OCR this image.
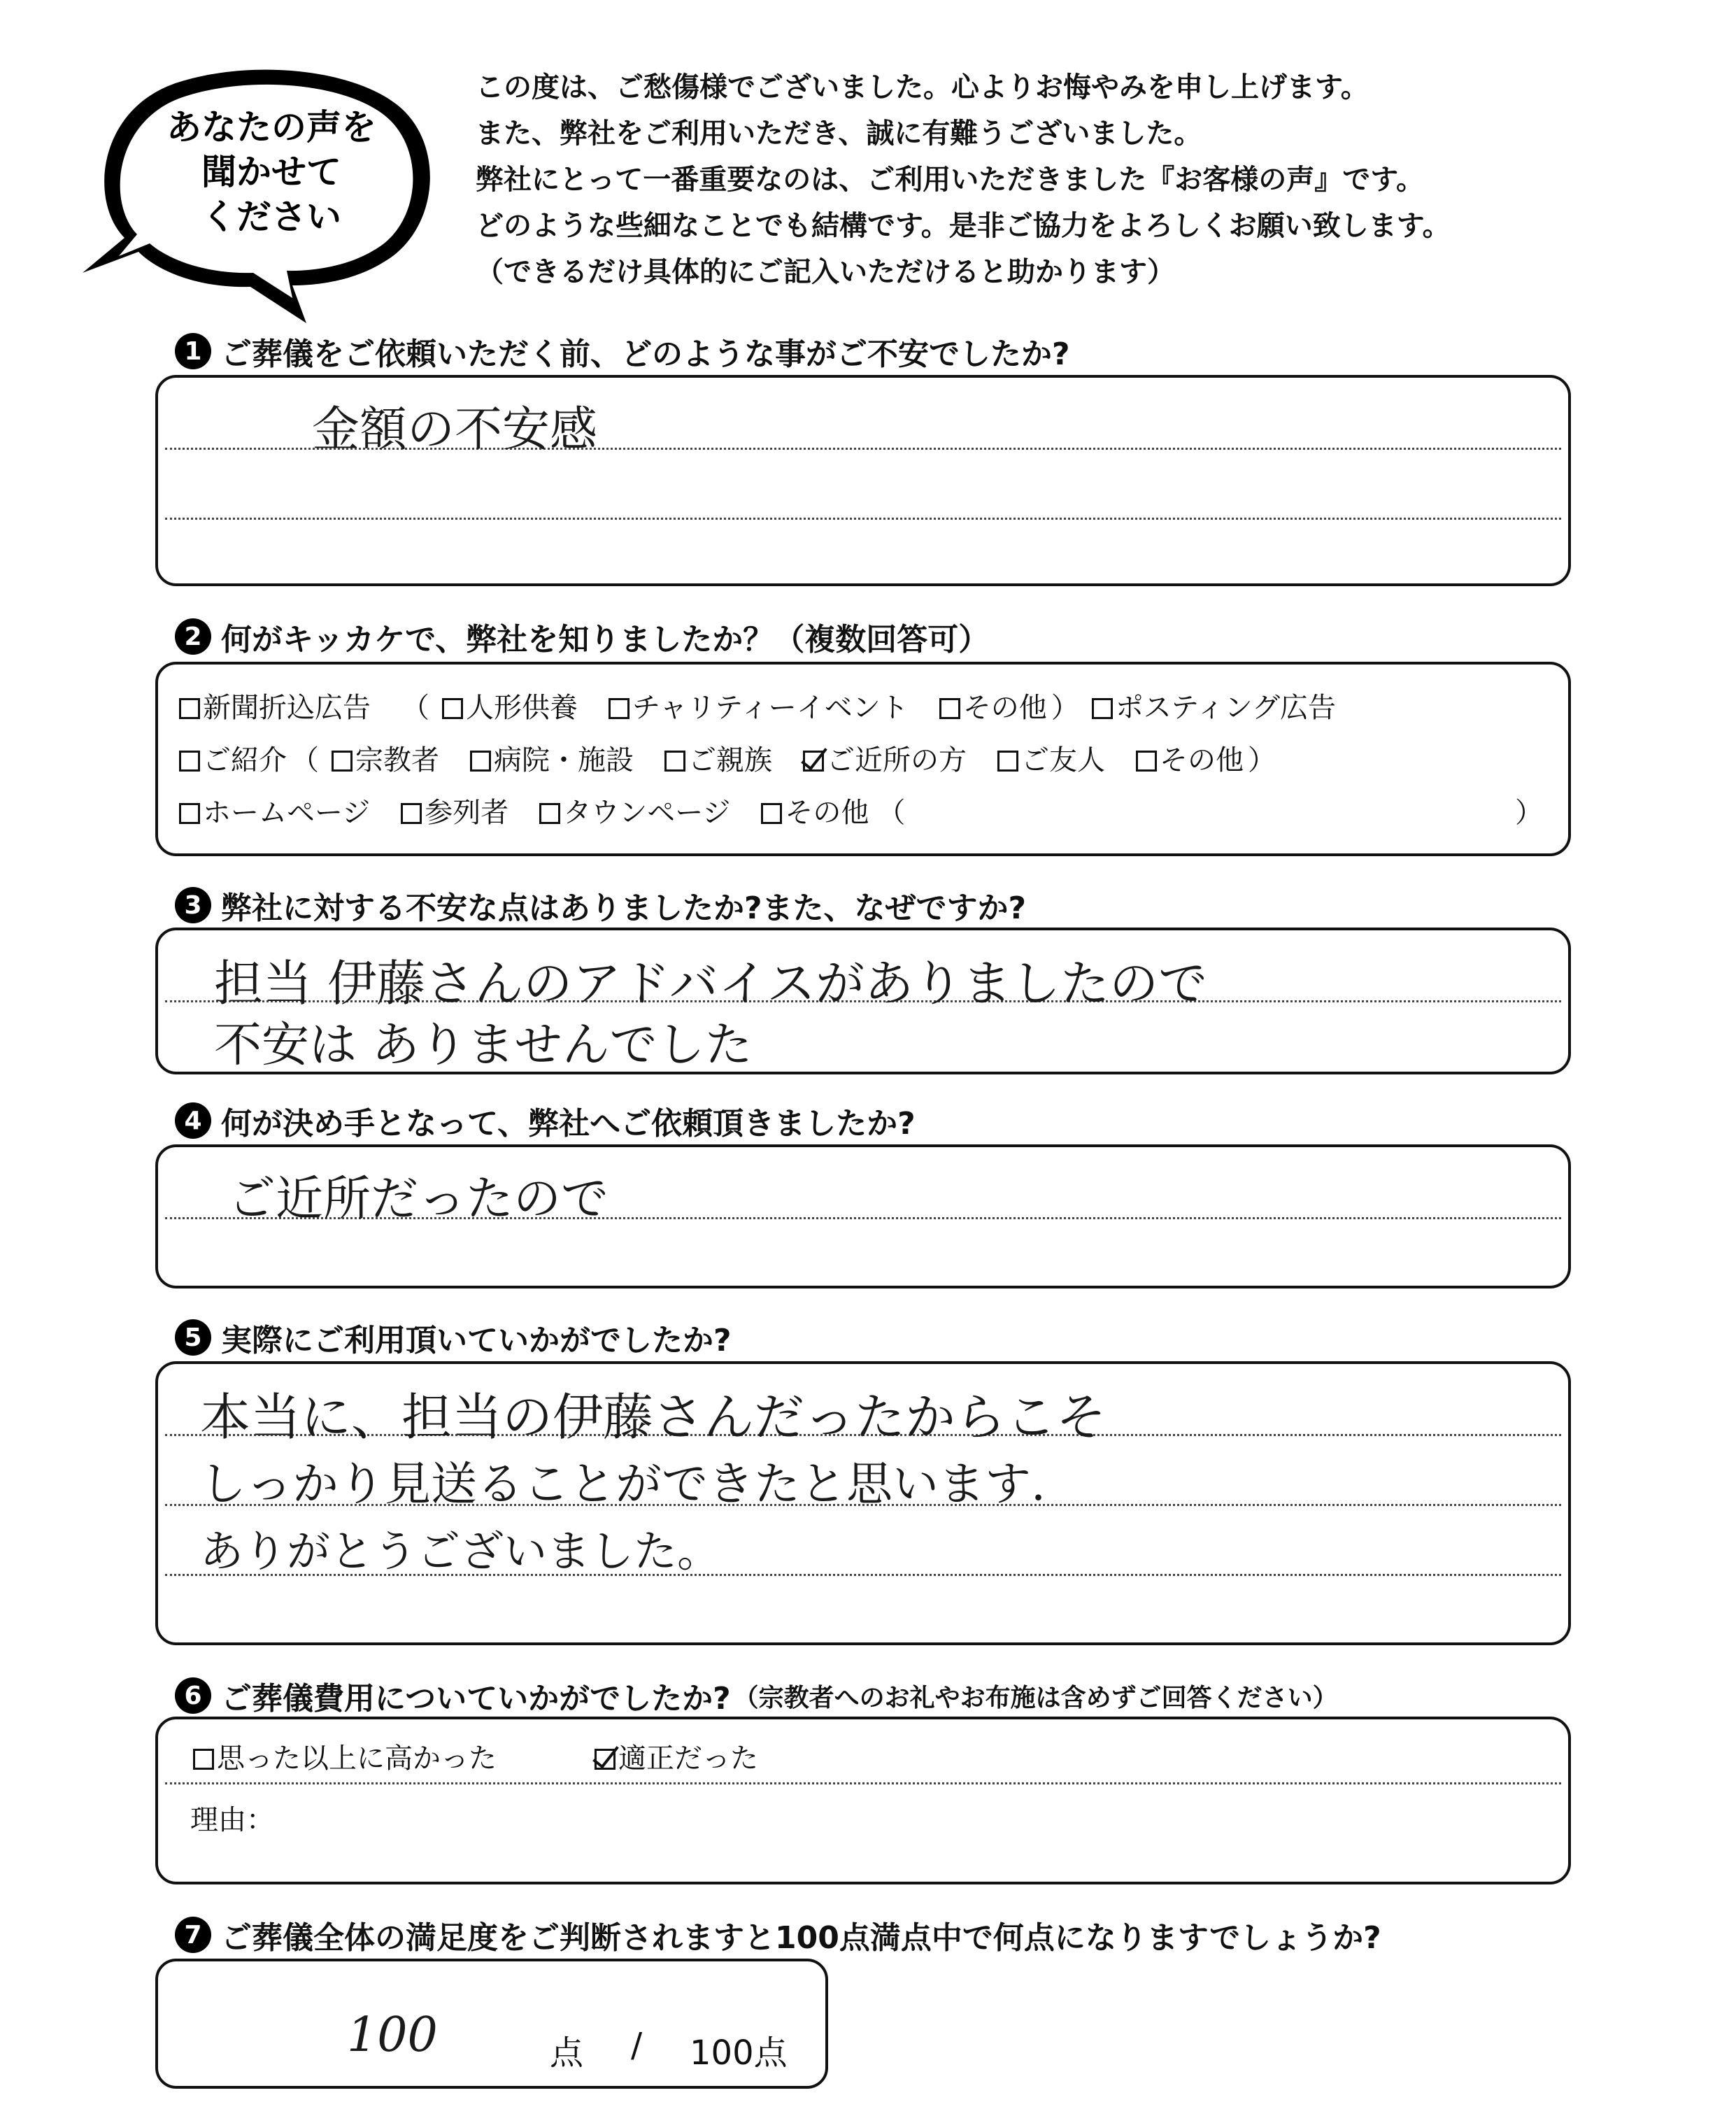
あなたの声を
聞かせて
ください
この度は、ご愁傷様でございました。心よりお悔やみを申し上げます。
また、弊社をご利用いただき、誠に有難うございました。
弊社にとって一番重要なのは、ご利用いただきました『お客様の声』です。
どのような些細なことでも結構です。是非ご協力をよろしくお願い致します。
（できるだけ具体的にご記入いただけると助かります）
1 ご葬儀をご依頼いただく前、どのような事がご不安でしたか?
金額の不安感
2 何がキッカケで、弊社を知りましたか？（複数回答可）
新聞折込広告 （ 人形供養 チャリティーイベント その他 ） ポスティング広告
ご紹介 （ 宗教者 病院・施設 ご親族 ご近所の方 ご友人 その他 ）
ホームページ 参列者 タウンページ その他 （	）
3 弊社に対する不安な点はありましたか?また、なぜですか?
担当 伊藤さんのアドバイスがありましたので
不安は ありませんでした
4 何が決め手となって、弊社へご依頼頂きましたか?
ご近所だったので
5 実際にご利用頂いていかがでしたか?
本当に、担当の伊藤さんだったからこそ
しっかり見送ることができたと思います.
ありがとうございました。
6 ご葬儀費用についていかがでしたか? （宗教者へのお礼やお布施は含めずご回答ください）
思った以上に高かった	適正だった
理由：
7 ご葬儀全体の満足度をご判断されますと100点満点中で何点になりますでしょうか?
100	点 / 100点
